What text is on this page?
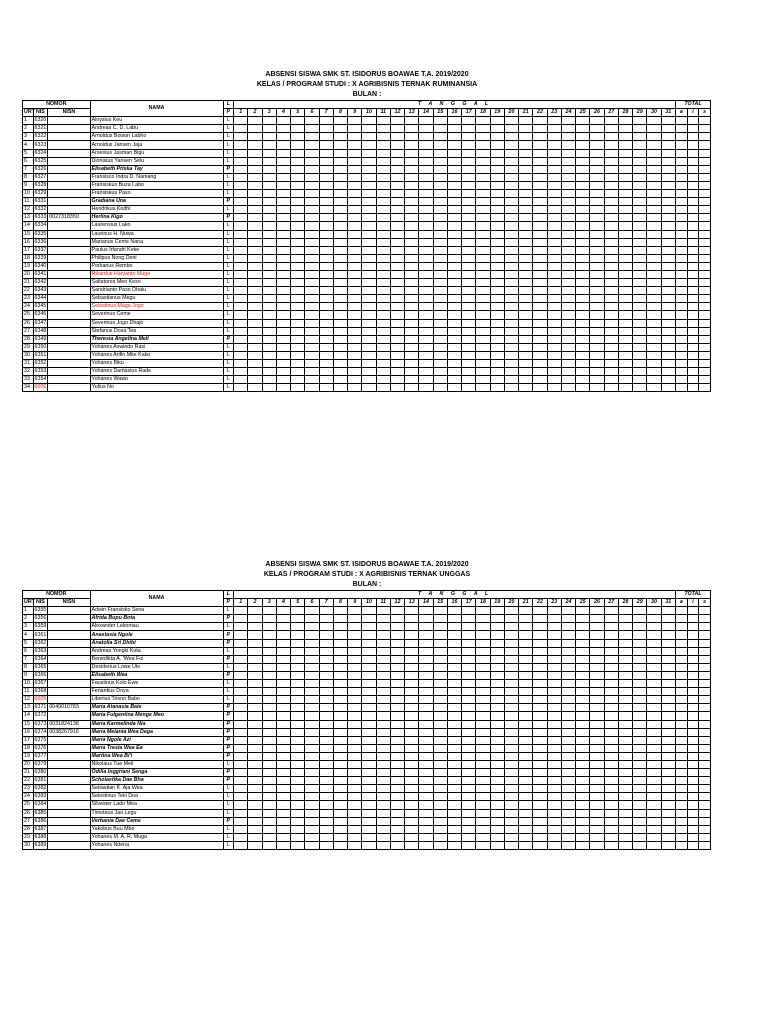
ABSENSI SISWA SMK ST. ISIDORUS BOAWAE T.A. 2019/2020
KELAS / PROGRAM STUDI : X AGRIBISNIS TERNAK RUMINANSIA
BULAN :
NOMOR			NAMA	L	T A N G G A L																															TOTAL		
URT	NIS	NISN		P	1	2	3	4	5	6	7	8	9	10	11	12	13	14	15	16	17	18	19	20	21	22	23	24	25	26	27	28	29	30	31	a	i	s
1	6320		Aloysius Keu	L																																		
2	6321		Andreas C. D. Labu	L																																		
3	6322		Arnoldus Boison Labho	L																																		
4	6323		Arnoldus Jansen Jaja	L																																		
5	6324		Arsenius Jasman Bigu	L																																		
6	6325		Dionisius Yansen Selu	L																																		
7	6326		Elisabeth Priska Tay	P																																		
8	6327		Fransisco Indra D. Namang	L																																		
9	6328		Fransiskus Buza Labo	L																																		
10	6329		Fransiskus Paso	L																																		
11	6331		Gradiana Una	P																																		
12	6332		Hendrikus Kodhi	L																																		
13	6333	0027318350	Herlina Kigo	P																																		
14	6334		Laurensius Lako	L																																		
15	6335		Laurinus H. Nuwa	L																																		
16	6336		Marianus Ceme Nana	L																																		
17	6337		Paulus Irfandri Keke	L																																		
18	6339		Philipus Nong Deni	L																																		
19	6340		Porkarius Rembo	L																																		
20	6341		Rikardus Haryanto Muga	L																																		
21	6342		Saltatores Meo Keso	L																																		
22	6343		Sandrianto Paso Dhalu	L																																		
23	6344		Sebastianus Megu	L																																		
24	6345		Selestinus Maga Jogo	L																																		
25	6346		Severinus Ceme	L																																		
26	6347		Severinus Jogo Dhajo	L																																		
27	6348		Stefanus Dosa Tea	L																																		
28	6349		Theresia Angelina Meli	P																																		
29	6350		Yohanes Aswindo Rasi	L																																		
30	6351		Yohanes Arifin Mite Kako	L																																		
31	6352		Yohanes Biku	L																																		
32	6353		Yohanes Damasius Rade	L																																		
33	6354		Yohanes Wawo	L																																		
34	6606		Yulius No	L																																		
ABSENSI SISWA SMK ST. ISIDORUS BOAWAE T.A. 2019/2020
KELAS / PROGRAM STUDI : X AGRIBISNIS TERNAK UNGGAS
BULAN :
NOMOR			NAMA	L	T A N G G A L																															TOTAL		
URT	NIS	NISN		P	1	2	3	4	5	6	7	8	9	10	11	12	13	14	15	16	17	18	19	20	21	22	23	24	25	26	27	28	29	30	31	a	i	s
1	6355		Adwin Fransisko Sena	L																																		
2	6356		Afrida Bupu Bota	P																																		
3	6359		Alexander Lekomau	L																																		
4	6361		Anastasia Ngole	P																																		
5	6362		Anatolia Sri Dhibi	P																																		
6	6363		Andreas Yongki Kota	L																																		
7	6364		Benedikta A. 'Wea Foi	P																																		
8	6365		Desiderius Lowe Ule	L																																		
9	6366		Elisabeth Wea	P																																		
10	6367		Faustinus Kolo Ewe	L																																		
11	6368		Fenantius Doya	L																																		
12	6605		Liberius Trisno Babo	L																																		
13	6371	0049010783	Maria Atanasia Bale	P																																		
14	6372		Maria Fulgentina Menge Meo	P																																		
15	6373	0031824138	Maria Karmelinda Nia	P																																		
16	6374	0038267916	Maria Melania Wea Dega	P																																		
17	6375		Maria Ngole Azi	P																																		
18	6376		Maria Tresia Wea Ea	P																																		
19	6377		Martina Wea Bi'i	P																																		
20	6379		Nikolaus Tue Meli	L																																		
21	6380		Odilia Inggriani Senga	P																																		
22	6381		Scholastika Dae Bha	P																																		
23	6382		Sebastian K. Aja Wea	L																																		
24	6383		Selestinus Teki Doa	L																																		
25	6384		Silvester Lado Mea	L																																		
26	6385		Timoteus Jao Legu	L																																		
27	6386		Verbania Dae Ceme	P																																		
28	6387		Yakobus Buu Mbo	L																																		
29	6388		Yohanes M. A. R. Muga	L																																		
30	6389		Yohanes Ndena	L																																		
